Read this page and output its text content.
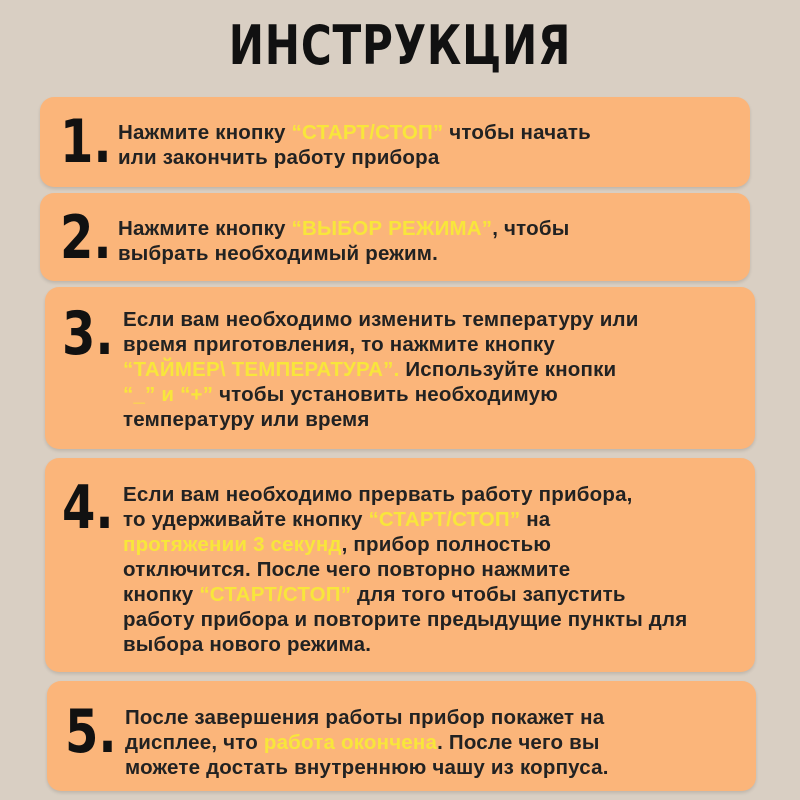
ИНСТРУКЦИЯ
1. Нажмите кнопку “СТАРТ/СТОП” чтобы начать
или закончить работу прибора
2. Нажмите кнопку “ВЫБОР РЕЖИМА”, чтобы
выбрать необходимый режим.
3. Если вам необходимо изменить температуру или
время приготовления, то нажмите кнопку
“ТАЙМЕР\ ТЕМПЕРАТУРА”. Используйте кнопки
“_” и “+” чтобы установить необходимую
температуру или время
4. Если вам необходимо прервать работу прибора,
то удерживайте кнопку “СТАРТ/СТОП” на
протяжении 3 секунд, прибор полностью
отключится. После чего повторно нажмите
кнопку “СТАРТ/СТОП” для того чтобы запустить
работу прибора и повторите предыдущие пункты для
выбора нового режима.
5. После завершения работы прибор покажет на
дисплее, что работа окончена. После чего вы
можете достать внутреннюю чашу из корпуса.
